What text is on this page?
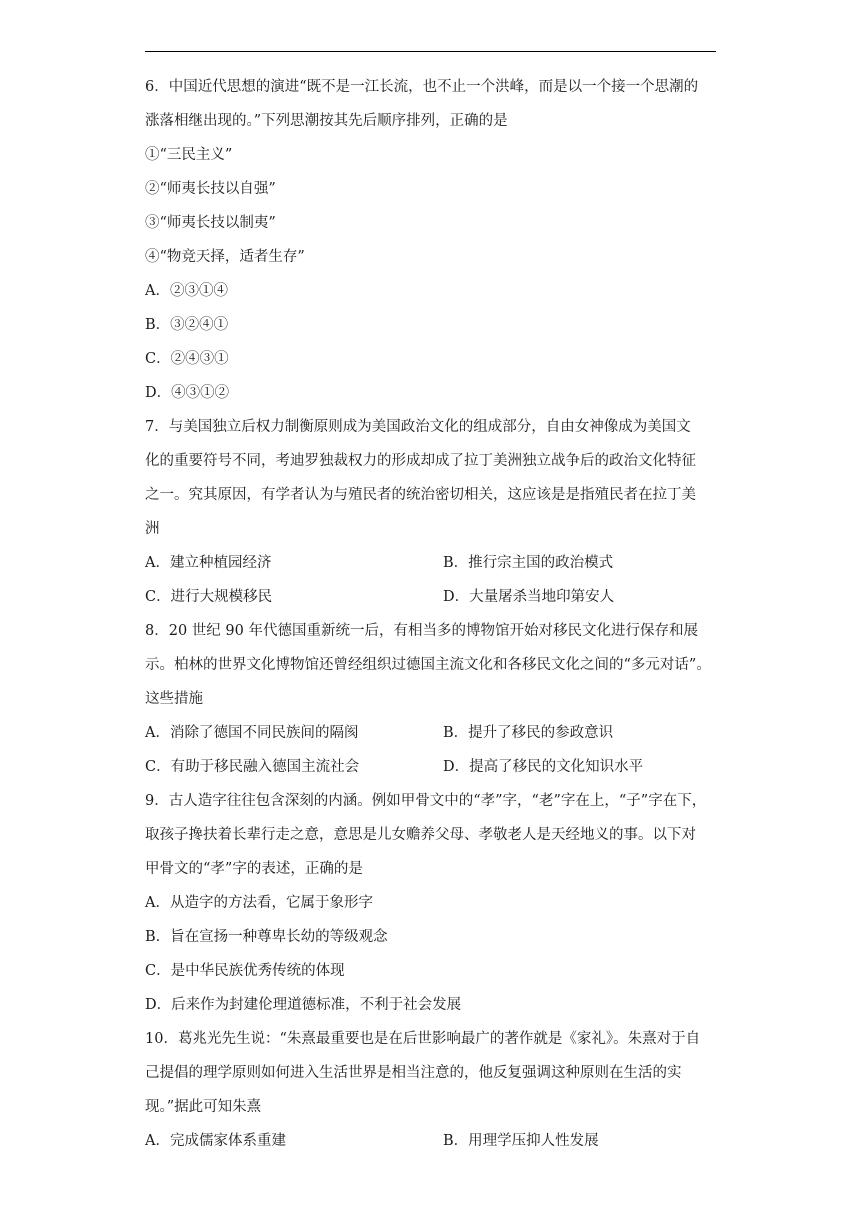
6．中国近代思想的演进“既不是一江长流，也不止一个洪峰，而是以一个接一个思潮的
涨落相继出现的。”下列思潮按其先后顺序排列，正确的是
①“三民主义”
②“师夷长技以自强”
③“师夷长技以制夷”
④“物竞天择，适者生存”
A．②③①④
B．③②④①
C．②④③①
D．④③①②
7．与美国独立后权力制衡原则成为美国政治文化的组成部分，自由女神像成为美国文
化的重要符号不同，考迪罗独裁权力的形成却成了拉丁美洲独立战争后的政治文化特征
之一。究其原因，有学者认为与殖民者的统治密切相关，这应该是是指殖民者在拉丁美
洲
A．建立种植园经济	B．推行宗主国的政治模式
C．进行大规模移民	D．大量屠杀当地印第安人
8．20 世纪 90 年代德国重新统一后，有相当多的博物馆开始对移民文化进行保存和展
示。柏林的世界文化博物馆还曾经组织过德国主流文化和各移民文化之间的“多元对话”。
这些措施
A．消除了德国不同民族间的隔阂	B．提升了移民的参政意识
C．有助于移民融入德国主流社会	D．提高了移民的文化知识水平
9．古人造字往往包含深刻的内涵。例如甲骨文中的“孝”字，“老”字在上，“子”字在下，
取孩子搀扶着长辈行走之意，意思是儿女赡养父母、孝敬老人是天经地义的事。以下对
甲骨文的“孝”字的表述，正确的是
A．从造字的方法看，它属于象形字
B．旨在宣扬一种尊卑长幼的等级观念
C．是中华民族优秀传统的体现
D．后来作为封建伦理道德标准，不利于社会发展
10．葛兆光先生说：“朱熹最重要也是在后世影响最广的著作就是《家礼》。朱熹对于自
己提倡的理学原则如何进入生活世界是相当注意的，他反复强调这种原则在生活的实
现。”据此可知朱熹
A．完成儒家体系重建	B．用理学压抑人性发展
